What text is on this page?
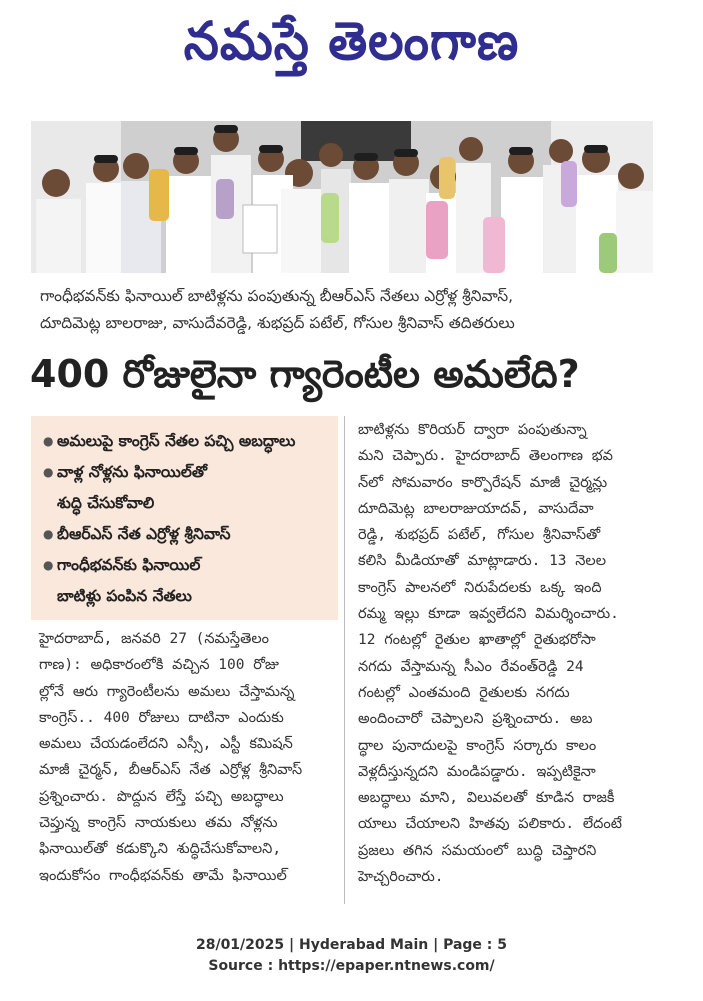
నమస్తే తెలంగాణ
గాంధీభవన్‌కు ఫినాయిల్ బాటిళ్లను పంపుతున్న బీఆర్ఎస్ నేతలు ఎర్రోళ్ల శ్రీనివాస్,
దూదిమెట్ల బాలరాజు, వాసుదేవరెడ్డి, శుభప్రద్ పటేల్, గోసుల శ్రీనివాస్ తదితరులు
400 రోజులైనా గ్యారెంటీల అమలేది?
● అమలుపై కాంగ్రెస్ నేతల పచ్చి అబద్ధాలు
● వాళ్ల నోళ్లను ఫినాయిల్‌తో
శుద్ధి చేసుకోవాలి
● బీఆర్ఎస్ నేత ఎర్రోళ్ల శ్రీనివాస్
● గాంధీభవన్‌కు ఫినాయిల్
బాటిళ్లు పంపిన నేతలు
హైదరాబాద్, జనవరి 27 (నమస్తేతెలం
గాణ): అధికారంలోకి వచ్చిన 100 రోజు
ల్లోనే ఆరు గ్యారెంటీలను అమలు చేస్తామన్న
కాంగ్రెస్.. 400 రోజులు దాటినా ఎందుకు
అమలు చేయడంలేదని ఎస్సీ, ఎస్టీ కమిషన్
మాజీ చైర్మన్, బీఆర్ఎస్ నేత ఎర్రోళ్ల శ్రీనివాస్
ప్రశ్నించారు. పొద్దున లేస్తే పచ్చి అబద్ధాలు
చెప్తున్న కాంగ్రెస్ నాయకులు తమ నోళ్లను
ఫినాయిల్‌తో కడుక్కొని శుద్ధిచేసుకోవాలని,
ఇందుకోసం గాంధీభవన్‌కు తామే ఫినాయిల్
బాటిళ్లను కొరియర్ ద్వారా పంపుతున్నా
మని చెప్పారు. హైదరాబాద్ తెలంగాణ భవ
న్‌లో సోమవారం కార్పొరేషన్ మాజీ చైర్మన్లు
దూదిమెట్ల బాలరాజుయాదవ్, వాసుదేవా
రెడ్డి, శుభప్రద్ పటేల్, గోసుల శ్రీనివాస్‌తో
కలిసి మీడియాతో మాట్లాడారు. 13 నెలల
కాంగ్రెస్ పాలనలో నిరుపేదలకు ఒక్క ఇంది
రమ్మ ఇల్లు కూడా ఇవ్వలేదని విమర్శించారు.
12 గంటల్లో రైతుల ఖాతాల్లో రైతుభరోసా
నగదు వేస్తామన్న సీఎం రేవంత్‌రెడ్డి 24
గంటల్లో ఎంతమంది రైతులకు నగదు
అందించారో చెప్పాలని ప్రశ్నించారు. అబ
ద్ధాల పునాదులపై కాంగ్రెస్ సర్కారు కాలం
వెళ్లదీస్తున్నదని మండిపడ్డారు. ఇప్పటికైనా
అబద్ధాలు మాని, విలువలతో కూడిన రాజకీ
యాలు చేయాలని హితవు పలికారు. లేదంటే
ప్రజలు తగిన సమయంలో బుద్ధి చెప్తారని
హెచ్చరించారు.
28/01/2025 | Hyderabad Main | Page : 5
Source : https://epaper.ntnews.com/
